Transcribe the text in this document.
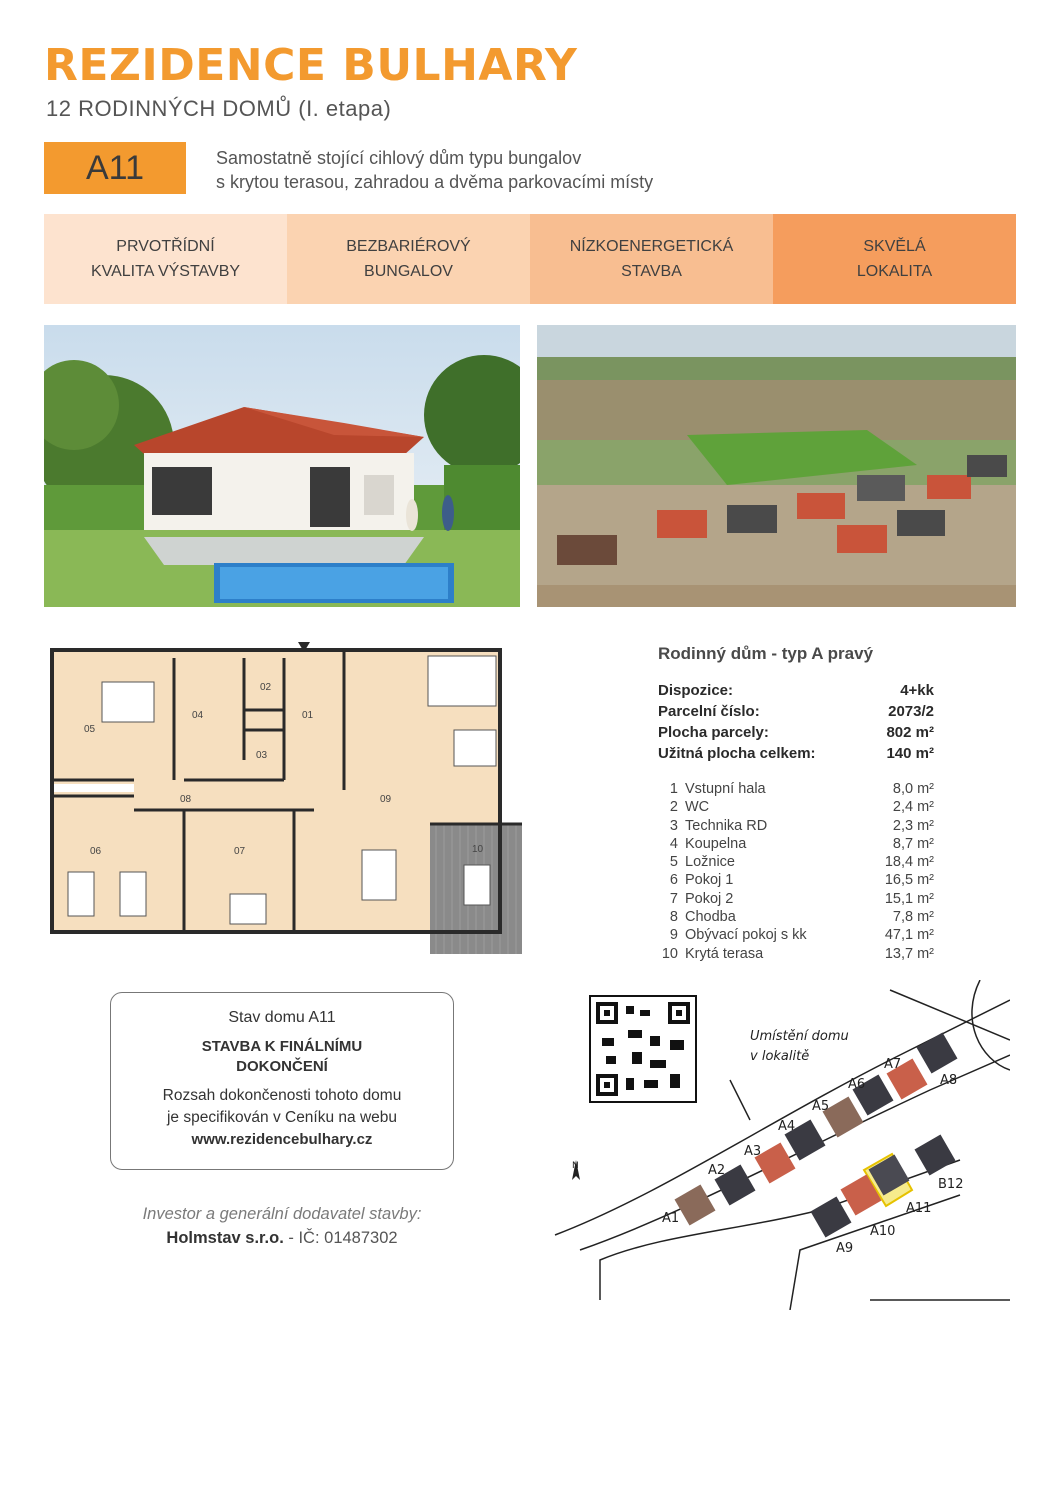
REZIDENCE BULHARY
12 RODINNÝCH DOMŮ (I. etapa)
A11	Samostatně stojící cihlový dům typu bungalov
s krytou terasou, zahradou a dvěma parkovacími místy
PRVOTŘÍDNÍ
KVALITA VÝSTAVBY
BEZBARIÉROVÝ
BUNGALOV
NÍZKOENERGETICKÁ
STAVBA
SKVĚLÁ
LOKALITA
01
02
03
04
05
06	07
08	09
10
Rodinný dům - typ A pravý
Dispozice:	4+kk
Parcelní číslo:	2073/2
Plocha parcely:	802 m²
Užitná plocha celkem:	140 m²
1 Vstupní hala	8,0 m²
2 WC	2,4 m²
3 Technika RD	2,3 m²
4 Koupelna	8,7 m²
5 Ložnice	18,4 m²
6 Pokoj 1	16,5 m²
7 Pokoj 2	15,1 m²
8 Chodba	7,8 m²
9 Obývací pokoj s kk	47,1 m²
10 Krytá terasa	13,7 m²
Stav domu A11
STAVBA K FINÁLNÍMU
DOKONČENÍ
Rozsah dokončenosti tohoto domu
je specifikován v Ceníku na webu
www.rezidencebulhary.cz
Investor a generální dodavatel stavby:
Holmstav s.r.o. - IČ: 01487302
Umístění domu
v lokalitě
N
A1
A2
A3
A4
A5
A6
A7
A8
A9
A10
A11
B12
